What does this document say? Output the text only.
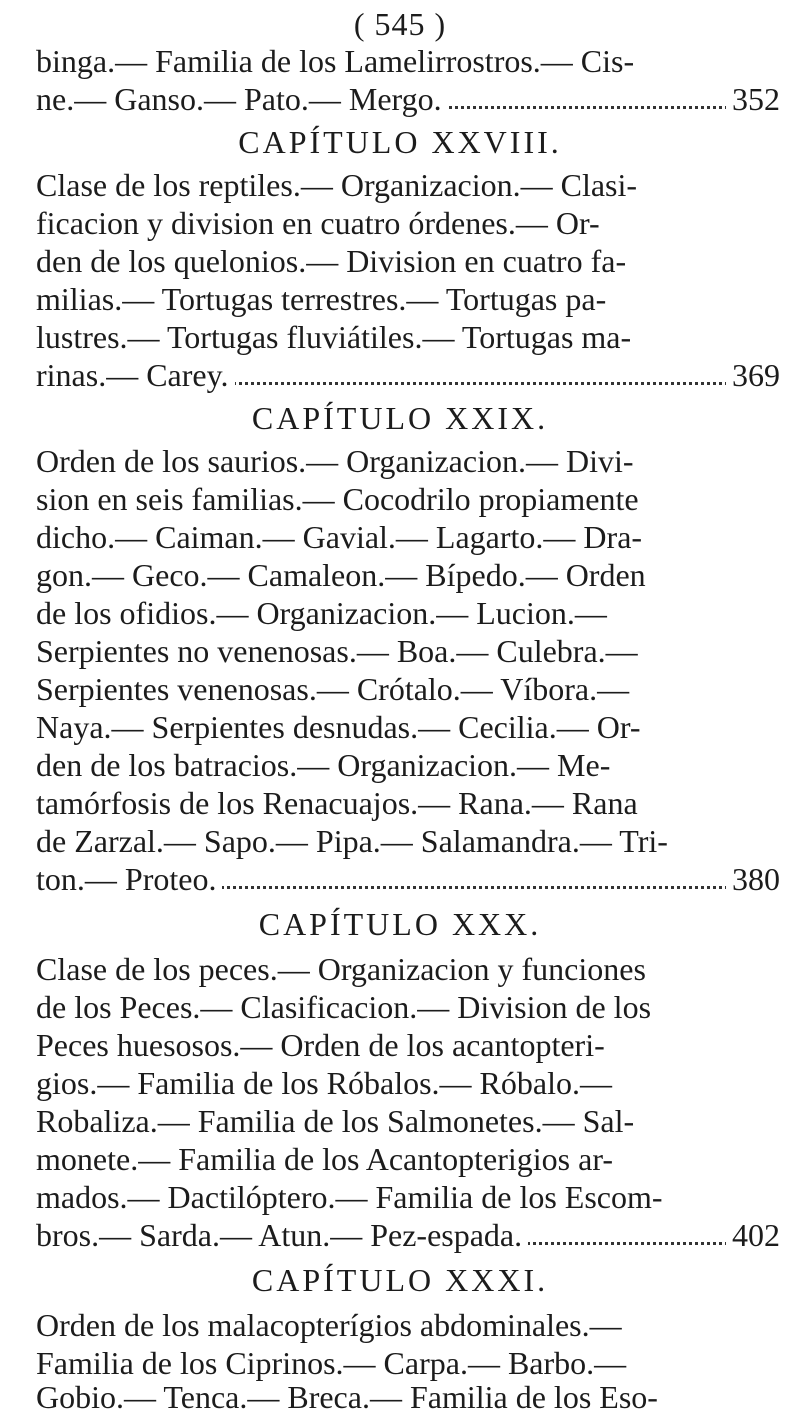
( 545 )
binga.— Familia de los Lamelirrostros.— Cis-
ne.— Ganso.— Pato.— Mergo.	352
CAPÍTULO XXVIII.
Clase de los reptiles.— Organizacion.— Clasi-
ficacion y division en cuatro órdenes.— Or-
den de los quelonios.— Division en cuatro fa-
milias.— Tortugas terrestres.— Tortugas pa-
lustres.— Tortugas fluviátiles.— Tortugas ma-
rinas.— Carey.	369
CAPÍTULO XXIX.
Orden de los saurios.— Organizacion.— Divi-
sion en seis familias.— Cocodrilo propiamente
dicho.— Caiman.— Gavial.— Lagarto.— Dra-
gon.— Geco.— Camaleon.— Bípedo.— Orden
de los ofidios.— Organizacion.— Lucion.—
Serpientes no venenosas.— Boa.— Culebra.—
Serpientes venenosas.— Crótalo.— Víbora.—
Naya.— Serpientes desnudas.— Cecilia.— Or-
den de los batracios.— Organizacion.— Me-
tamórfosis de los Renacuajos.— Rana.— Rana
de Zarzal.— Sapo.— Pipa.— Salamandra.— Tri-
ton.— Proteo.	380
CAPÍTULO XXX.
Clase de los peces.— Organizacion y funciones
de los Peces.— Clasificacion.— Division de los
Peces huesosos.— Orden de los acantopteri-
gios.— Familia de los Róbalos.— Róbalo.—
Robaliza.— Familia de los Salmonetes.— Sal-
monete.— Familia de los Acantopterigios ar-
mados.— Dactilóptero.— Familia de los Escom-
bros.— Sarda.— Atun.— Pez-espada.	402
CAPÍTULO XXXI.
Orden de los malacopterígios abdominales.—
Familia de los Ciprinos.— Carpa.— Barbo.—
Gobio.— Tenca.— Breca.— Familia de los Eso-
